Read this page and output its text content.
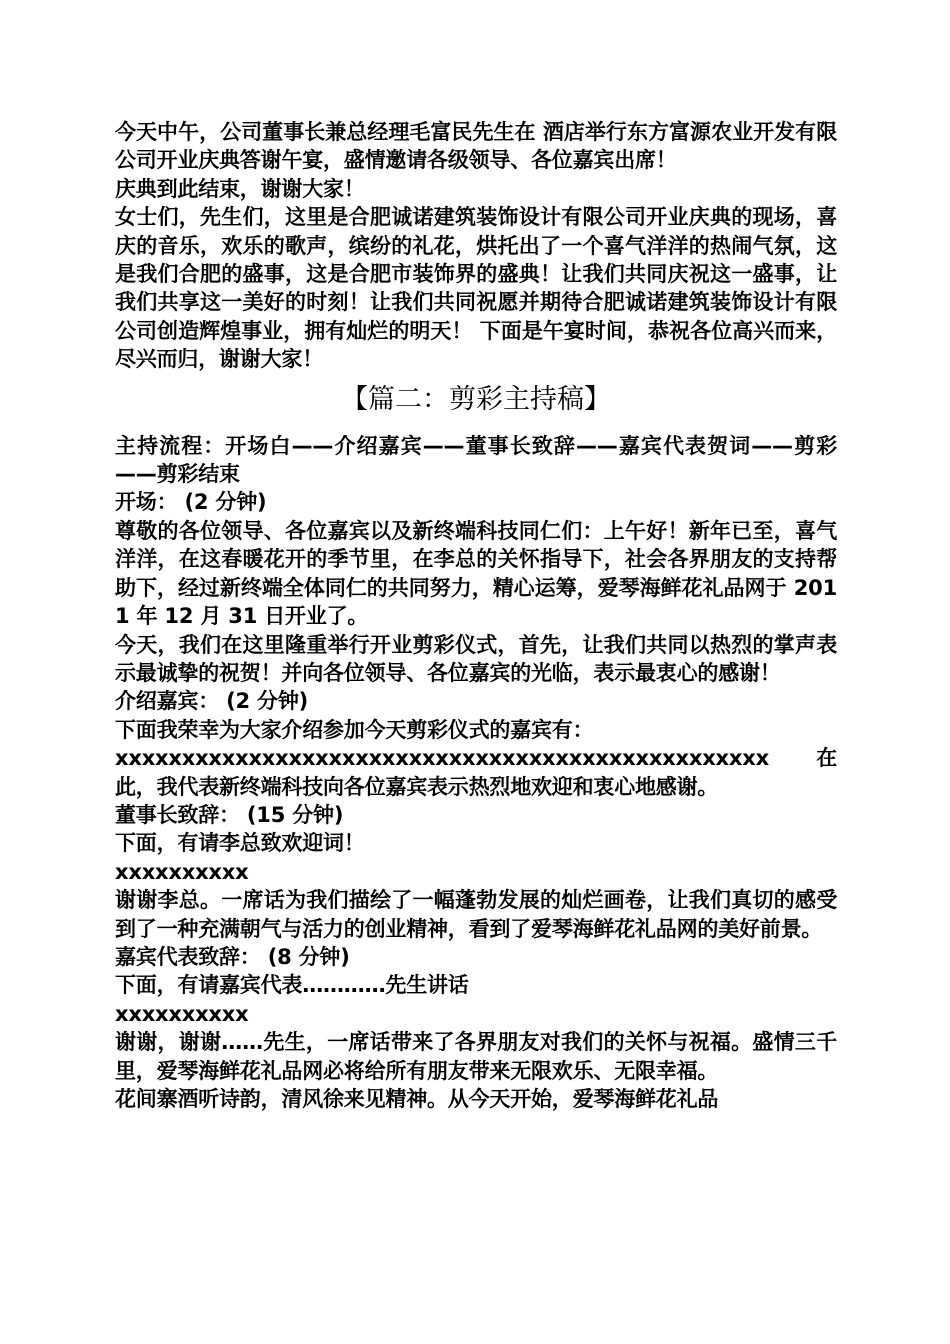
今天中午，公司董事长兼总经理毛富民先生在 酒店举行东方富源农业开发有限公司开业庆典答谢午宴，盛情邀请各级领导、各位嘉宾出席！

庆典到此结束，谢谢大家！

女士们，先生们，这里是合肥诚诺建筑装饰设计有限公司开业庆典的现场，喜庆的音乐，欢乐的歌声，缤纷的礼花，烘托出了一个喜气洋洋的热闹气氛，这是我们合肥的盛事，这是合肥市装饰界的盛典！让我们共同庆祝这一盛事，让我们共享这一美好的时刻！让我们共同祝愿并期待合肥诚诺建筑装饰设计有限公司创造辉煌事业，拥有灿烂的明天！ 下面是午宴时间，恭祝各位高兴而来，尽兴而归，谢谢大家！

【篇二：剪彩主持稿】

主持流程：开场白——介绍嘉宾——董事长致辞——嘉宾代表贺词——剪彩——剪彩结束

开场： (2 分钟)

尊敬的各位领导、各位嘉宾以及新终端科技同仁们：上午好！新年已至，喜气洋洋，在这春暖花开的季节里，在李总的关怀指导下，社会各界朋友的支持帮助下，经过新终端全体同仁的共同努力，精心运筹，爱琴海鲜花礼品网于 2011 年 12 月 31 日开业了。

今天，我们在这里隆重举行开业剪彩仪式，首先，让我们共同以热烈的掌声表示最诚挚的祝贺！并向各位领导、各位嘉宾的光临，表示最衷心的感谢！

介绍嘉宾： (2 分钟)

下面我荣幸为大家介绍参加今天剪彩仪式的嘉宾有：

xxxxxxxxxxxxxxxxxxxxxxxxxxxxxxxxxxxxxxxxxxxxxxxxx 在此，我代表新终端科技向各位嘉宾表示热烈地欢迎和衷心地感谢。

董事长致辞： (15 分钟)

下面，有请李总致欢迎词！

xxxxxxxxxx

谢谢李总。一席话为我们描绘了一幅蓬勃发展的灿烂画卷，让我们真切的感受到了一种充满朝气与活力的创业精神，看到了爱琴海鲜花礼品网的美好前景。

嘉宾代表致辞： (8 分钟)

下面，有请嘉宾代表…………先生讲话

xxxxxxxxxx

谢谢，谢谢……先生，一席话带来了各界朋友对我们的关怀与祝福。盛情三千里，爱琴海鲜花礼品网必将给所有朋友带来无限欢乐、无限幸福。

花间寨酒听诗韵，清风徐来见精神。从今天开始，爱琴海鲜花礼品
